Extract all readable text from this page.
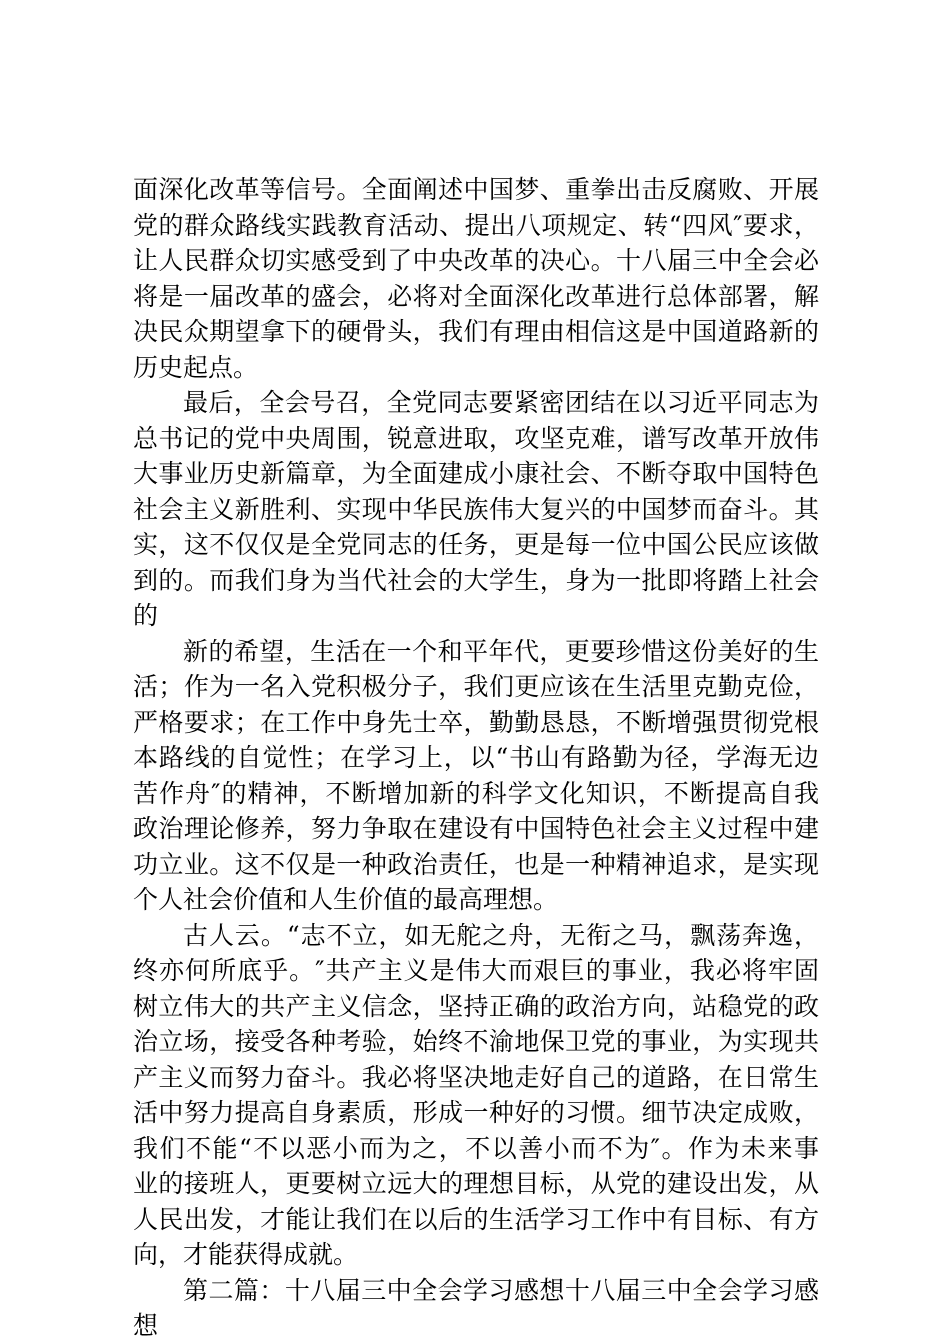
面深化改革等信号。全面阐述中国梦、重拳出击反腐败、开展
党的群众路线实践教育活动、提出八项规定、转“四风″要求，
让人民群众切实感受到了中央改革的决心。十八届三中全会必
将是一届改革的盛会，必将对全面深化改革进行总体部署，解
决民众期望拿下的硬骨头，我们有理由相信这是中国道路新的
历史起点。
最后，全会号召，全党同志要紧密团结在以习近平同志为
总书记的党中央周围，锐意进取，攻坚克难，谱写改革开放伟
大事业历史新篇章，为全面建成小康社会、不断夺取中国特色
社会主义新胜利、实现中华民族伟大复兴的中国梦而奋斗。其
实，这不仅仅是全党同志的任务，更是每一位中国公民应该做
到的。而我们身为当代社会的大学生，身为一批即将踏上社会
的
新的希望，生活在一个和平年代，更要珍惜这份美好的生
活；作为一名入党积极分子，我们更应该在生活里克勤克俭，
严格要求；在工作中身先士卒，勤勤恳恳，不断增强贯彻党根
本路线的自觉性；在学习上，以“书山有路勤为径，学海无边
苦作舟″的精神，不断增加新的科学文化知识，不断提高自我
政治理论修养，努力争取在建设有中国特色社会主义过程中建
功立业。这不仅是一种政治责任，也是一种精神追求，是实现
个人社会价值和人生价值的最高理想。
古人云。“志不立，如无舵之舟，无衔之马，飘荡奔逸，
终亦何所底乎。″共产主义是伟大而艰巨的事业，我必将牢固
树立伟大的共产主义信念，坚持正确的政治方向，站稳党的政
治立场，接受各种考验，始终不渝地保卫党的事业，为实现共
产主义而努力奋斗。我必将坚决地走好自己的道路，在日常生
活中努力提高自身素质，形成一种好的习惯。细节决定成败，
我们不能“不以恶小而为之，不以善小而不为″。作为未来事
业的接班人，更要树立远大的理想目标，从党的建设出发，从
人民出发，才能让我们在以后的生活学习工作中有目标、有方
向，才能获得成就。
第二篇：十八届三中全会学习感想十八届三中全会学习感
想
